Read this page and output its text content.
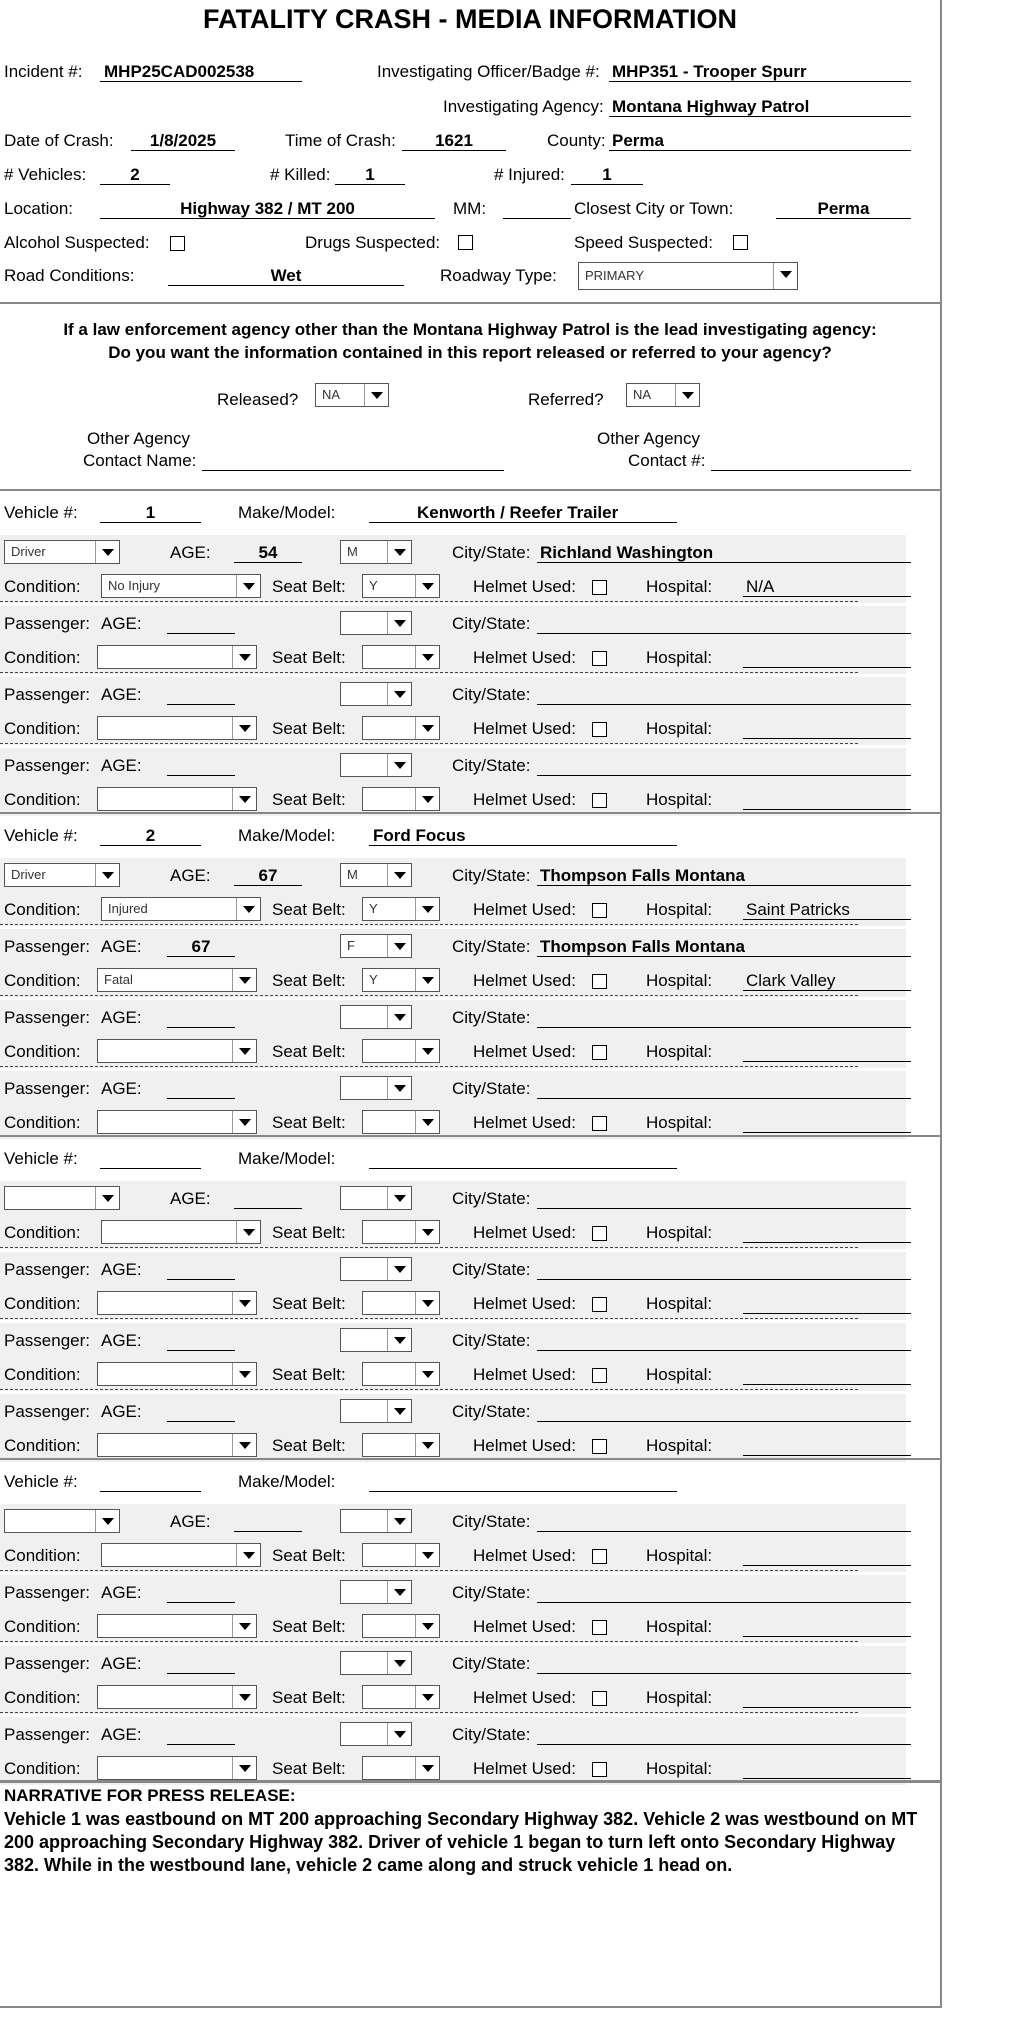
FATALITY CRASH - MEDIA INFORMATION
Incident #: MHP25CAD002538	Investigating Officer/Badge #: MHP351 - Trooper Spurr
Investigating Agency: Montana Highway Patrol
Date of Crash:	1/8/2025	Time of Crash:	1621	County: Perma
# Vehicles:	2	# Killed:	1	# Injured:	1
Location:	Highway 382 / MT 200	MM:	Closest City or Town:	Perma
Alcohol Suspected:	Drugs Suspected:	Speed Suspected:
Road Conditions:	Wet	Roadway Type: PRIMARY
If a law enforcement agency other than the Montana Highway Patrol is the lead investigating agency:
Do you want the information contained in this report released or referred to your agency?
Released? NA	Referred? NA
Other Agency
Contact Name:
Other Agency
Contact #:
Vehicle #:	1	Make/Model:	Kenworth / Reefer Trailer
Driver	AGE:	54	M	City/State: Richland Washington
Condition: No Injury	Seat Belt: Y	Helmet Used:	Hospital: N/A
Passenger: AGE:	City/State:
Condition:	Seat Belt:	Helmet Used:	Hospital:
Passenger: AGE:	City/State:
Condition:	Seat Belt:	Helmet Used:	Hospital:
Passenger: AGE:	City/State:
Condition:	Seat Belt:	Helmet Used:	Hospital:
Vehicle #:	2	Make/Model: Ford Focus
Driver	AGE:	67	M	City/State: Thompson Falls Montana
Condition: Injured	Seat Belt: Y	Helmet Used:	Hospital: Saint Patricks
Passenger: AGE:	67	F	City/State: Thompson Falls Montana
Condition: Fatal	Seat Belt: Y	Helmet Used:	Hospital: Clark Valley
Passenger: AGE:	City/State:
Condition:	Seat Belt:	Helmet Used:	Hospital:
Passenger: AGE:	City/State:
Condition:	Seat Belt:	Helmet Used:	Hospital:
Vehicle #:	Make/Model:
AGE:	City/State:
Condition:	Seat Belt:	Helmet Used:	Hospital:
Passenger: AGE:	City/State:
Condition:	Seat Belt:	Helmet Used:	Hospital:
Passenger: AGE:	City/State:
Condition:	Seat Belt:	Helmet Used:	Hospital:
Passenger: AGE:	City/State:
Condition:	Seat Belt:	Helmet Used:	Hospital:
Vehicle #:	Make/Model:
AGE:	City/State:
Condition:	Seat Belt:	Helmet Used:	Hospital:
Passenger: AGE:	City/State:
Condition:	Seat Belt:	Helmet Used:	Hospital:
Passenger: AGE:	City/State:
Condition:	Seat Belt:	Helmet Used:	Hospital:
Passenger: AGE:	City/State:
Condition:	Seat Belt:	Helmet Used:	Hospital:
NARRATIVE FOR PRESS RELEASE:
Vehicle 1 was eastbound on MT 200 approaching Secondary Highway 382. Vehicle 2 was westbound on MT 200 approaching Secondary Highway 382. Driver of vehicle 1 began to turn left onto Secondary Highway 382. While in the westbound lane, vehicle 2 came along and struck vehicle 1 head on.
